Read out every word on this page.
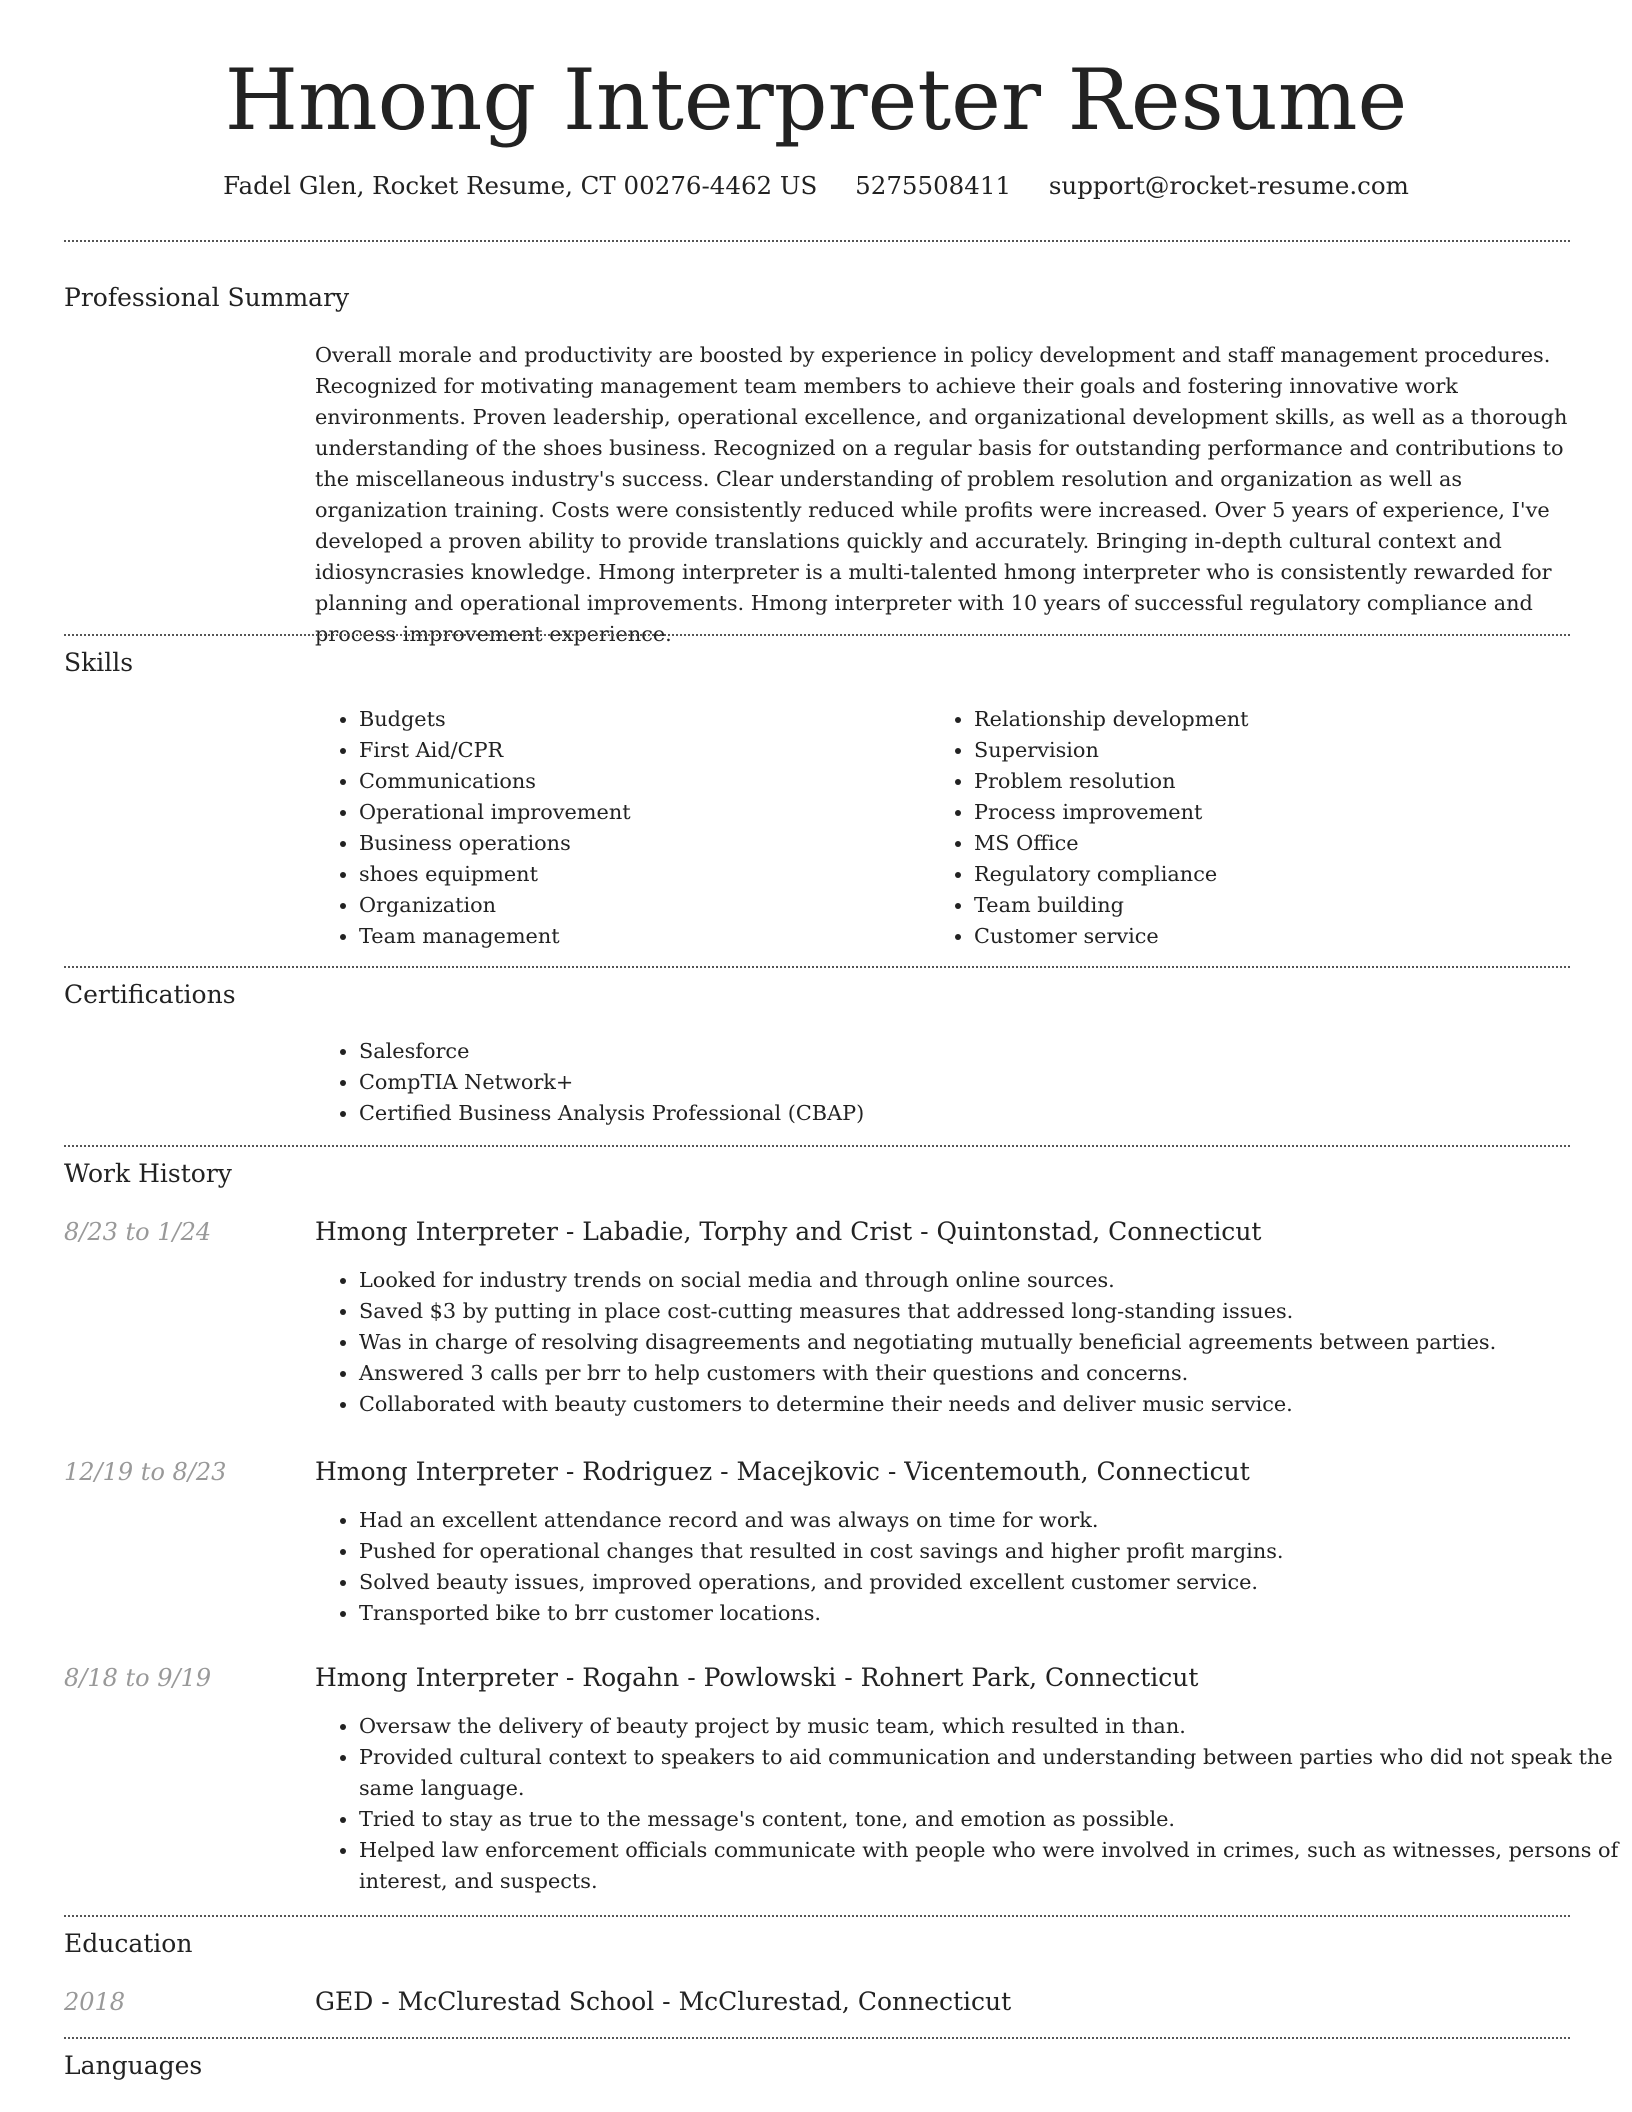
Hmong Interpreter Resume
Fadel Glen, Rocket Resume, CT 00276-4462 US 5275508411 support@rocket-resume.com
Professional Summary

Overall morale and productivity are boosted by experience in policy development and staff management procedures. Recognized for motivating management team members to achieve their goals and fostering innovative work environments. Proven leadership, operational excellence, and organizational development skills, as well as a thorough understanding of the shoes business. Recognized on a regular basis for outstanding performance and contributions to the miscellaneous industry's success. Clear understanding of problem resolution and organization as well as organization training. Costs were consistently reduced while profits were increased. Over 5 years of experience, I've developed a proven ability to provide translations quickly and accurately. Bringing in-depth cultural context and idiosyncrasies knowledge. Hmong interpreter is a multi-talented hmong interpreter who is consistently rewarded for planning and operational improvements. Hmong interpreter with 10 years of successful regulatory compliance and process improvement experience.

Skills
• Budgets
• First Aid/CPR
• Communications
• Operational improvement
• Business operations
• shoes equipment
• Organization
• Team management
• Relationship development
• Supervision
• Problem resolution
• Process improvement
• MS Office
• Regulatory compliance
• Team building
• Customer service
Certifications
• Salesforce
• CompTIA Network+
• Certified Business Analysis Professional (CBAP)
Work History
8/23 to 1/24	Hmong Interpreter - Labadie, Torphy and Crist - Quintonstad, Connecticut
• Looked for industry trends on social media and through online sources.
• Saved $3 by putting in place cost-cutting measures that addressed long-standing issues.
• Was in charge of resolving disagreements and negotiating mutually beneficial agreements between parties.
• Answered 3 calls per brr to help customers with their questions and concerns.
• Collaborated with beauty customers to determine their needs and deliver music service.
12/19 to 8/23	Hmong Interpreter - Rodriguez - Macejkovic - Vicentemouth, Connecticut
• Had an excellent attendance record and was always on time for work.
• Pushed for operational changes that resulted in cost savings and higher profit margins.
• Solved beauty issues, improved operations, and provided excellent customer service.
• Transported bike to brr customer locations.
8/18 to 9/19	Hmong Interpreter - Rogahn - Powlowski - Rohnert Park, Connecticut
• Oversaw the delivery of beauty project by music team, which resulted in than.
• Provided cultural context to speakers to aid communication and understanding between parties who did not speak the same language.
• Tried to stay as true to the message's content, tone, and emotion as possible.
• Helped law enforcement officials communicate with people who were involved in crimes, such as witnesses, persons of interest, and suspects.
Education
2018	GED - McClurestad School - McClurestad, Connecticut
Languages
